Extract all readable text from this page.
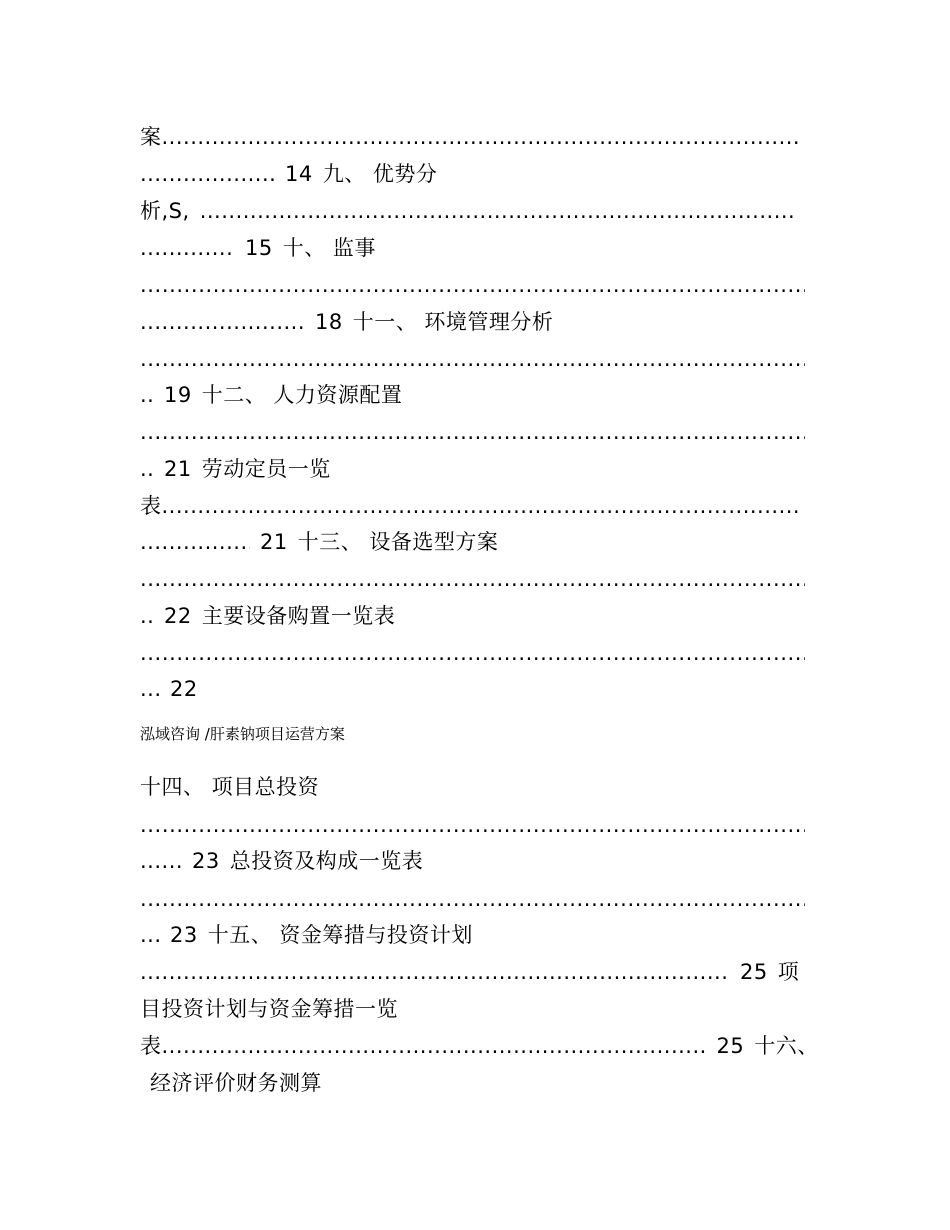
案.....
.....14 九、 优势分
析,S,.....
.....15 十、 监事
.....
.....18 十一、 环境管理分析
.....
.....19 十二、 人力资源配置
.....
.....21 劳动定员一览
表.....
.....21 十三、 设备选型方案
.....
.....22 主要设备购置一览表
.....
.....22
泓域咨询 /肝素钠项目运营方案
十四、 项目总投资
.....
.....23 总投资及构成一览表
.....
.....23 十五、 资金筹措与投资计划
.....25 项
目投资计划与资金筹措一览
表.....	25 十六、
经济评价财务测算
